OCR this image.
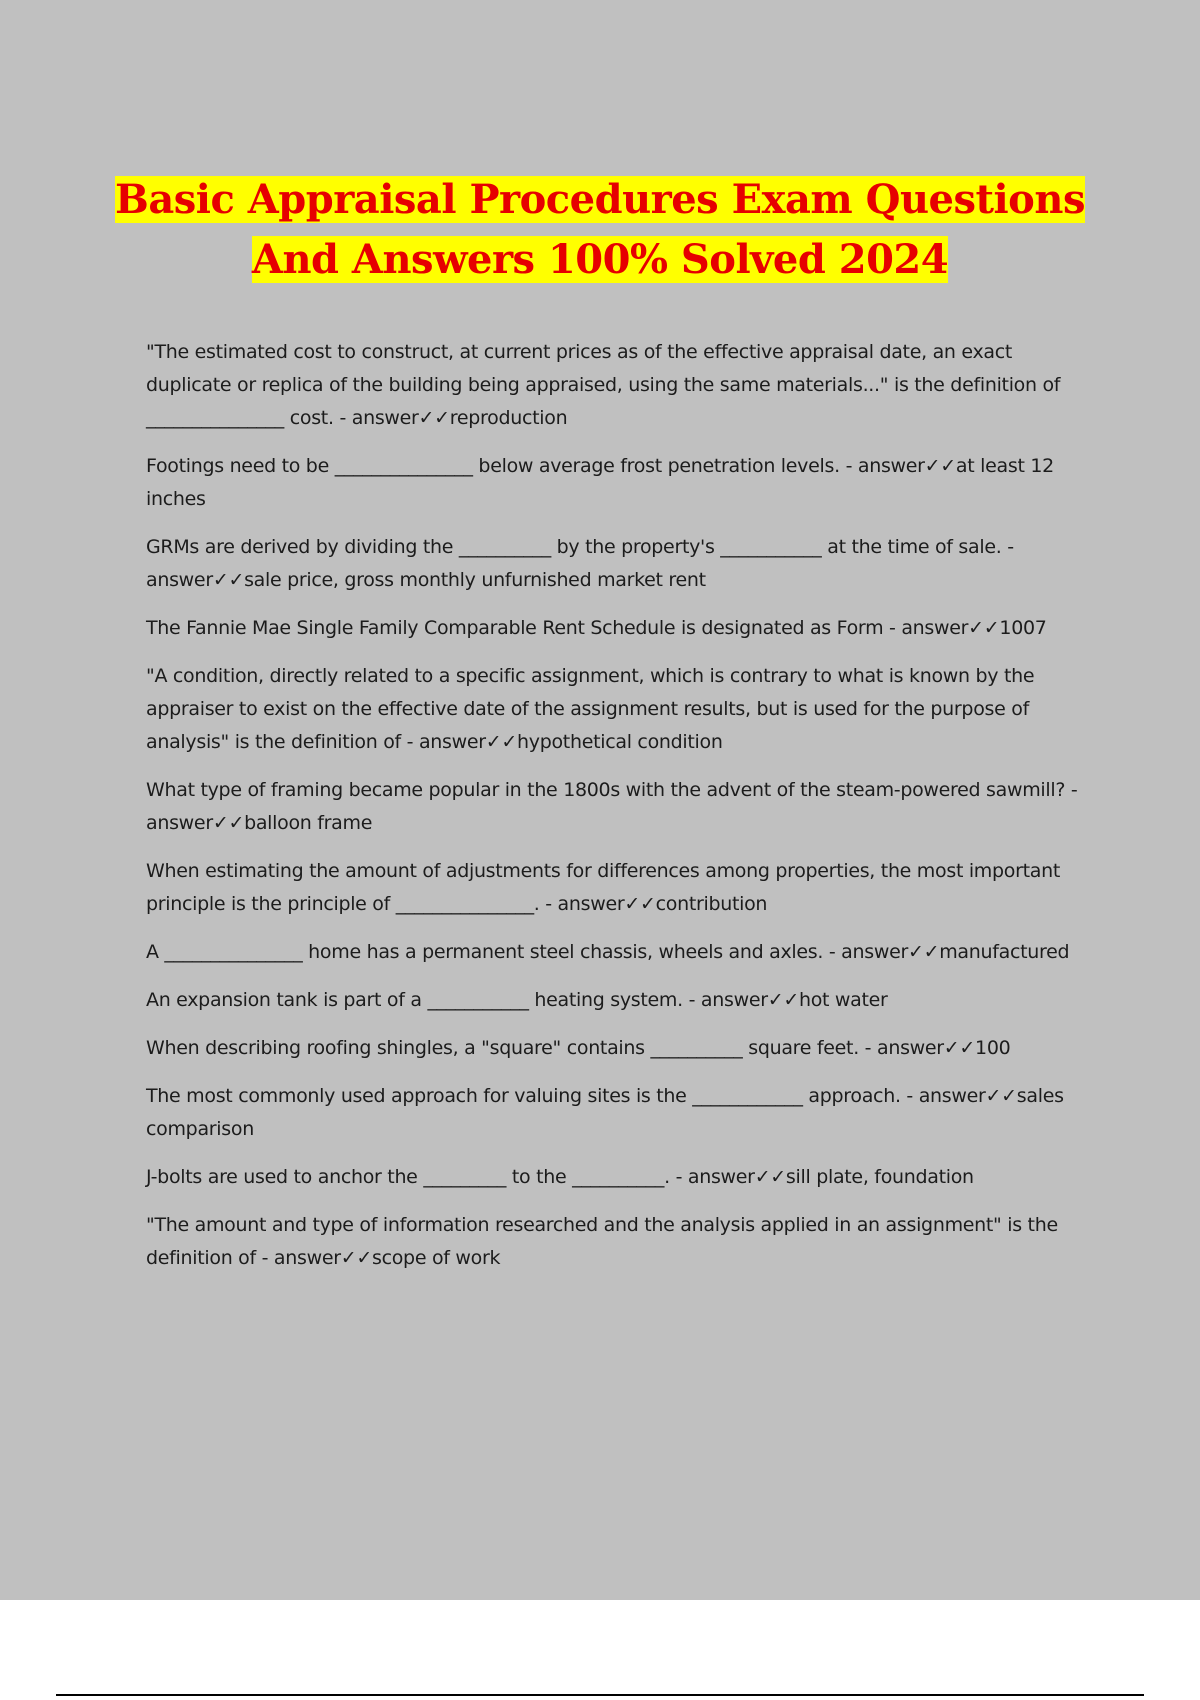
Basic Appraisal Procedures Exam Questions
And Answers 100% Solved 2024
"The estimated cost to construct, at current prices as of the effective appraisal date, an exact duplicate or replica of the building being appraised, using the same materials..." is the definition of _______________ cost. - answer✓✓reproduction
Footings need to be _______________ below average frost penetration levels. - answer✓✓at least 12 inches
GRMs are derived by dividing the __________ by the property's ___________ at the time of sale. - answer✓✓sale price, gross monthly unfurnished market rent
The Fannie Mae Single Family Comparable Rent Schedule is designated as Form - answer✓✓1007
"A condition, directly related to a specific assignment, which is contrary to what is known by the appraiser to exist on the effective date of the assignment results, but is used for the purpose of analysis" is the definition of - answer✓✓hypothetical condition
What type of framing became popular in the 1800s with the advent of the steam-powered sawmill? - answer✓✓balloon frame
When estimating the amount of adjustments for differences among properties, the most important principle is the principle of _______________. - answer✓✓contribution
A _______________ home has a permanent steel chassis, wheels and axles. - answer✓✓manufactured
An expansion tank is part of a ___________ heating system. - answer✓✓hot water
When describing roofing shingles, a "square" contains __________ square feet. - answer✓✓100
The most commonly used approach for valuing sites is the ____________ approach. - answer✓✓sales comparison
J-bolts are used to anchor the _________ to the __________. - answer✓✓sill plate, foundation
"The amount and type of information researched and the analysis applied in an assignment" is the definition of - answer✓✓scope of work
